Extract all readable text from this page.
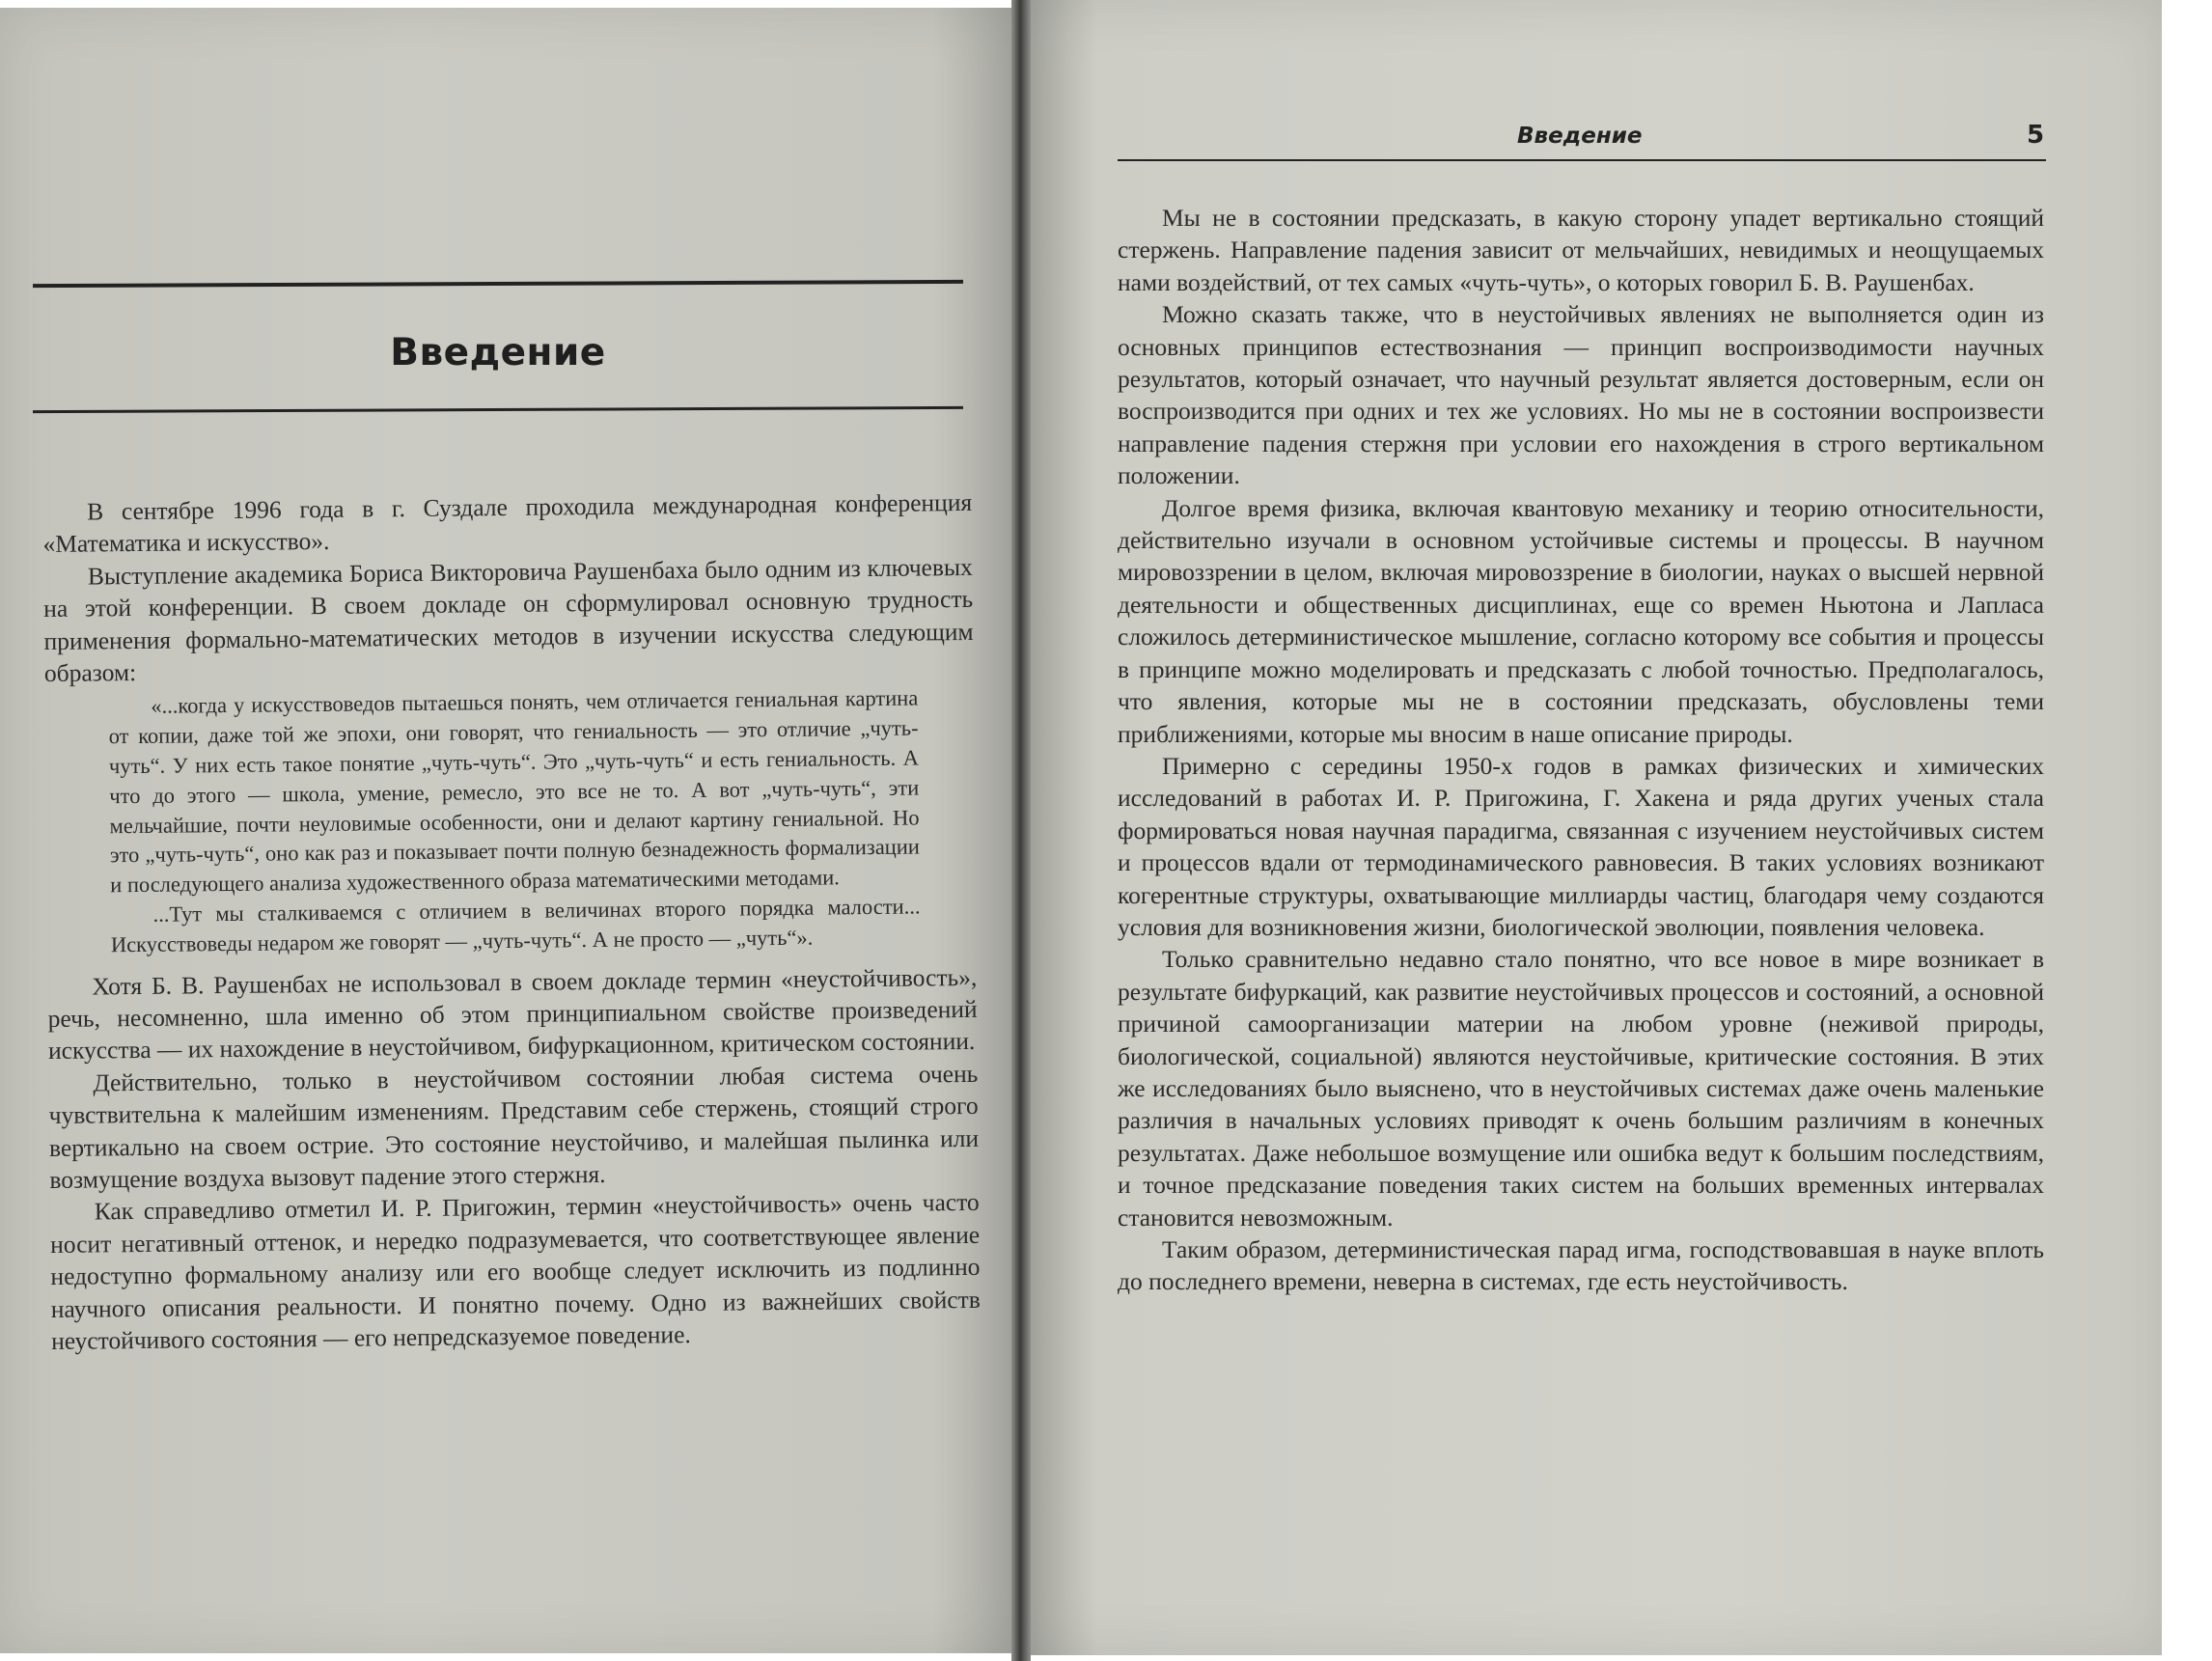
Введение

В сентябре 1996 года в г. Суздале проходила международная конференция «Математика и искусство».

Выступление академика Бориса Викторовича Раушенбаха было одним из ключевых на этой конференции. В своем докладе он сформулировал основную трудность применения формально-математических методов в изучении искусства следующим образом:

«...когда у искусствоведов пытаешься понять, чем отличается гениальная картина от копии, даже той же эпохи, они говорят, что гениальность — это отличие „чуть-чуть“. У них есть такое понятие „чуть-чуть“. Это „чуть-чуть“ и есть гениальность. А что до этого — школа, умение, ремесло, это все не то. А вот „чуть-чуть“, эти мельчайшие, почти неуловимые особенности, они и делают картину гениальной. Но это „чуть-чуть“, оно как раз и показывает почти полную безнадежность формализации и последующего анализа художественного образа математическими методами.

...Тут мы сталкиваемся с отличием в величинах второго порядка малости... Искусствоведы недаром же говорят — „чуть-чуть“. А не просто — „чуть“».

Хотя Б. В. Раушенбах не использовал в своем докладе термин «неустойчивость», речь, несомненно, шла именно об этом принципиальном свойстве произведений искусства — их нахождение в неустойчивом, бифуркационном, критическом состоянии.

Действительно, только в неустойчивом состоянии любая система очень чувствительна к малейшим изменениям. Представим себе стержень, стоящий строго вертикально на своем острие. Это состояние неустойчиво, и малейшая пылинка или возмущение воздуха вызовут падение этого стержня.

Как справедливо отметил И. Р. Пригожин, термин «неустойчивость» очень часто носит негативный оттенок, и нередко подразумевается, что соответствующее явление недоступно формальному анализу или его вообще следует исключить из подлинно научного описания реальности. И понятно почему. Одно из важнейших свойств неустойчивого состояния — его непредсказуемое поведение.

Введение	5

Мы не в состоянии предсказать, в какую сторону упадет вертикально стоящий стержень. Направление падения зависит от мельчайших, невидимых и неощущаемых нами воздействий, от тех самых «чуть-чуть», о которых говорил Б. В. Раушенбах.

Можно сказать также, что в неустойчивых явлениях не выполняется один из основных принципов естествознания — принцип воспроизводимости научных результатов, который означает, что научный результат является достоверным, если он воспроизводится при одних и тех же условиях. Но мы не в состоянии воспроизвести направление падения стержня при условии его нахождения в строго вертикальном положении.

Долгое время физика, включая квантовую механику и теорию относительности, действительно изучали в основном устойчивые системы и процессы. В научном мировоззрении в целом, включая мировоззрение в биологии, науках о высшей нервной деятельности и общественных дисциплинах, еще со времен Ньютона и Лапласа сложилось детерминистическое мышление, согласно которому все события и процессы в принципе можно моделировать и предсказать с любой точностью. Предполагалось, что явления, которые мы не в состоянии предсказать, обусловлены теми приближениями, которые мы вносим в наше описание природы.

Примерно с середины 1950-х годов в рамках физических и химических исследований в работах И. Р. Пригожина, Г. Хакена и ряда других ученых стала формироваться новая научная парадигма, связанная с изучением неустойчивых систем и процессов вдали от термодинамического равновесия. В таких условиях возникают когерентные структуры, охватывающие миллиарды частиц, благодаря чему создаются условия для возникновения жизни, биологической эволюции, появления человека.

Только сравнительно недавно стало понятно, что все новое в мире возникает в результате бифуркаций, как развитие неустойчивых процессов и состояний, а основной причиной самоорганизации материи на любом уровне (неживой природы, биологической, социальной) являются неустойчивые, критические состояния. В этих же исследованиях было выяснено, что в неустойчивых системах даже очень маленькие различия в начальных условиях приводят к очень большим различиям в конечных результатах. Даже небольшое возмущение или ошибка ведут к большим последствиям, и точное предсказание поведения таких систем на больших временных интервалах становится невозможным.

Таким образом, детерминистическая парад игма, господствовавшая в науке вплоть до последнего времени, неверна в системах, где есть неустойчивость.
